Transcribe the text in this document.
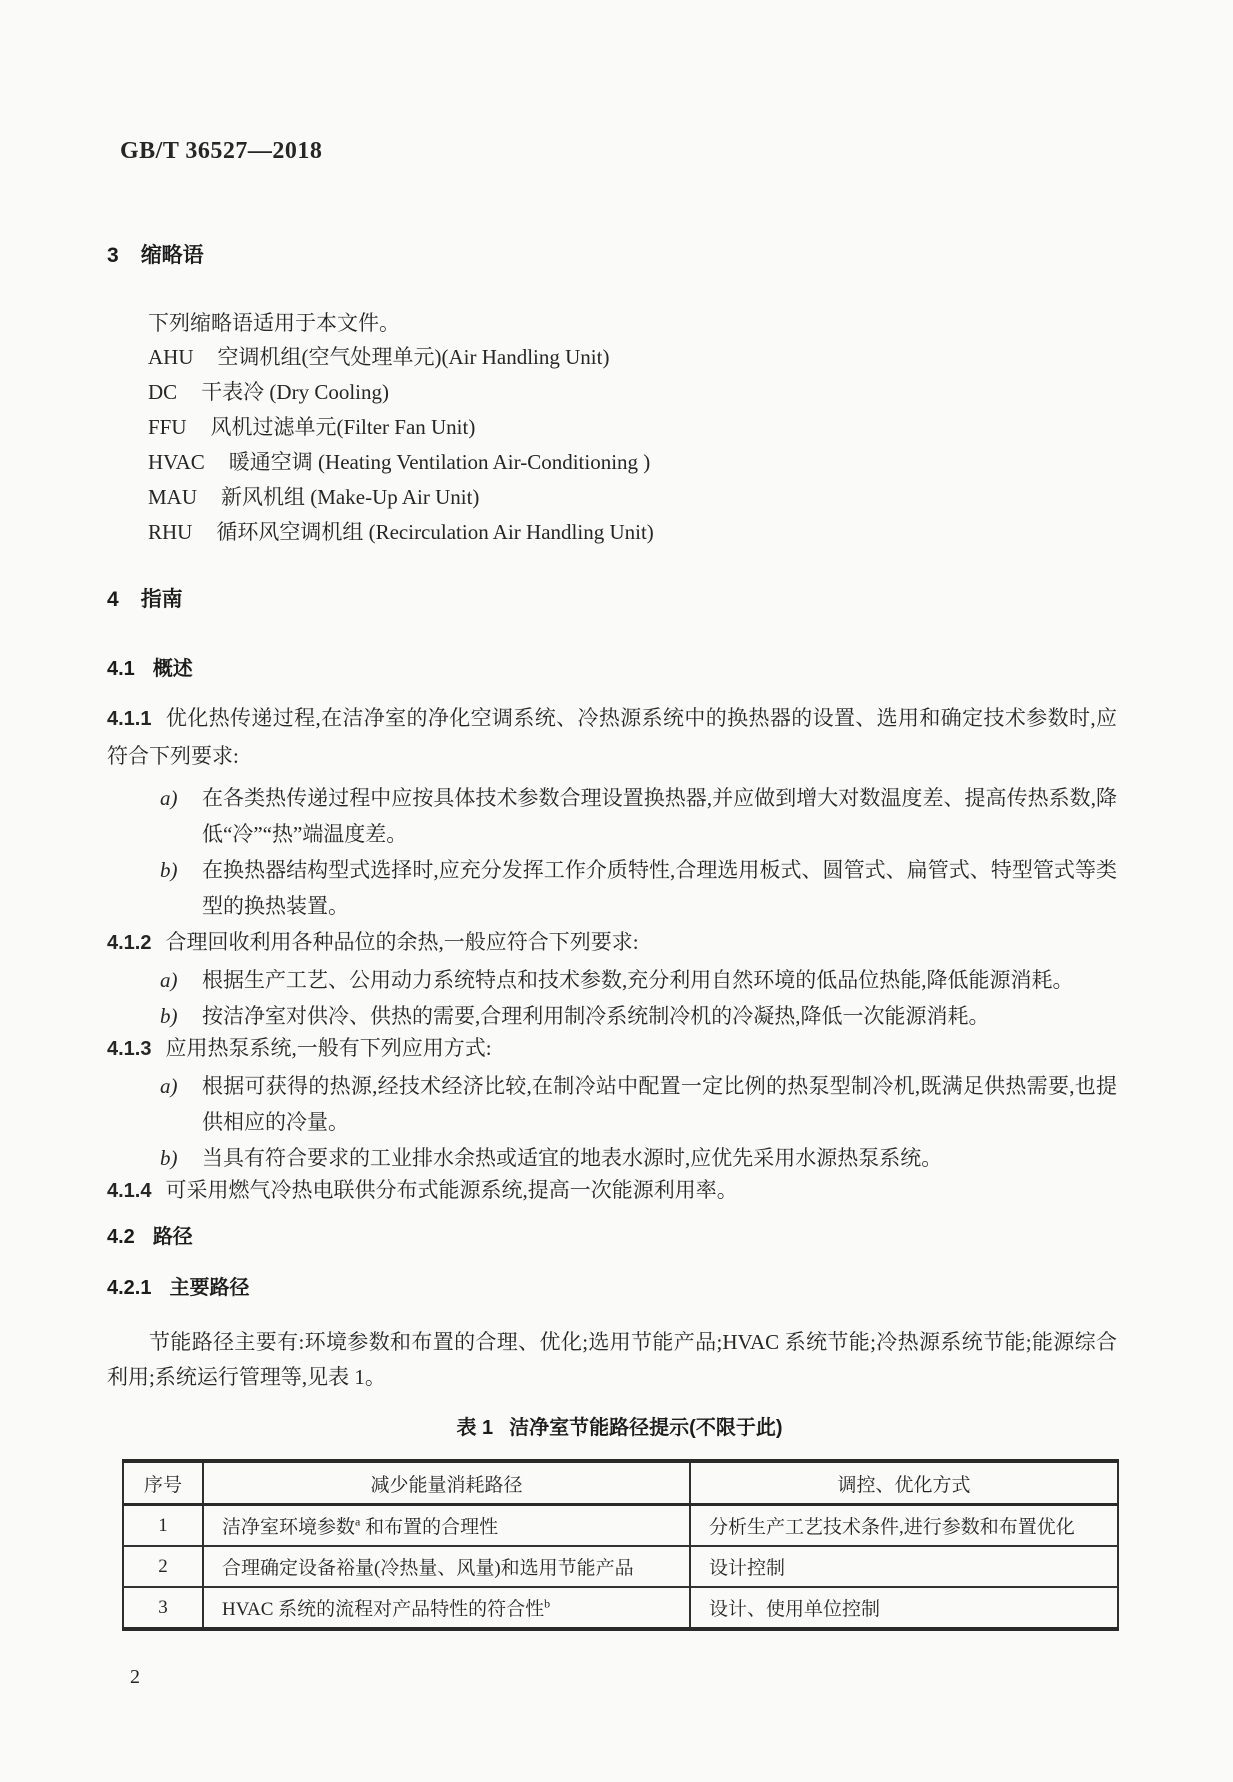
GB/T 36527—2018
3 缩略语

下列缩略语适用于本文件。

AHU 空调机组(空气处理单元)(Air Handling Unit)
DC 干表冷 (Dry Cooling)
FFU 风机过滤单元(Filter Fan Unit)
HVAC 暖通空调 (Heating Ventilation Air-Conditioning )
MAU 新风机组 (Make-Up Air Unit)
RHU 循环风空调机组 (Recirculation Air Handling Unit)
4 指南
4.1 概述

4.1.1 优化热传递过程,在洁净室的净化空调系统、冷热源系统中的换热器的设置、选用和确定技术参数时,应符合下列要求:

a)	在各类热传递过程中应按具体技术参数合理设置换热器,并应做到增大对数温度差、提高传热系数,降低“冷”“热”端温度差。
b)	在换热器结构型式选择时,应充分发挥工作介质特性,合理选用板式、圆管式、扁管式、特型管式等类型的换热装置。

4.1.2 合理回收利用各种品位的余热,一般应符合下列要求:

a)	根据生产工艺、公用动力系统特点和技术参数,充分利用自然环境的低品位热能,降低能源消耗。
b)	按洁净室对供冷、供热的需要,合理利用制冷系统制冷机的冷凝热,降低一次能源消耗。

4.1.3 应用热泵系统,一般有下列应用方式:

a)	根据可获得的热源,经技术经济比较,在制冷站中配置一定比例的热泵型制冷机,既满足供热需要,也提供相应的冷量。
b)	当具有符合要求的工业排水余热或适宜的地表水源时,应优先采用水源热泵系统。

4.1.4 可采用燃气冷热电联供分布式能源系统,提高一次能源利用率。

4.2 路径
4.2.1 主要路径

节能路径主要有:环境参数和布置的合理、优化;选用节能产品;HVAC 系统节能;冷热源系统节能;能源综合利用;系统运行管理等,见表 1。

表 1 洁净室节能路径提示(不限于此)
序号	减少能量消耗路径	调控、优化方式
1	洁净室环境参数$^a$ 和布置的合理性	分析生产工艺技术条件,进行参数和布置优化
2	合理确定设备裕量(冷热量、风量)和选用节能产品	设计控制
3	HVAC 系统的流程对产品特性的符合性$^b$	设计、使用单位控制
2
